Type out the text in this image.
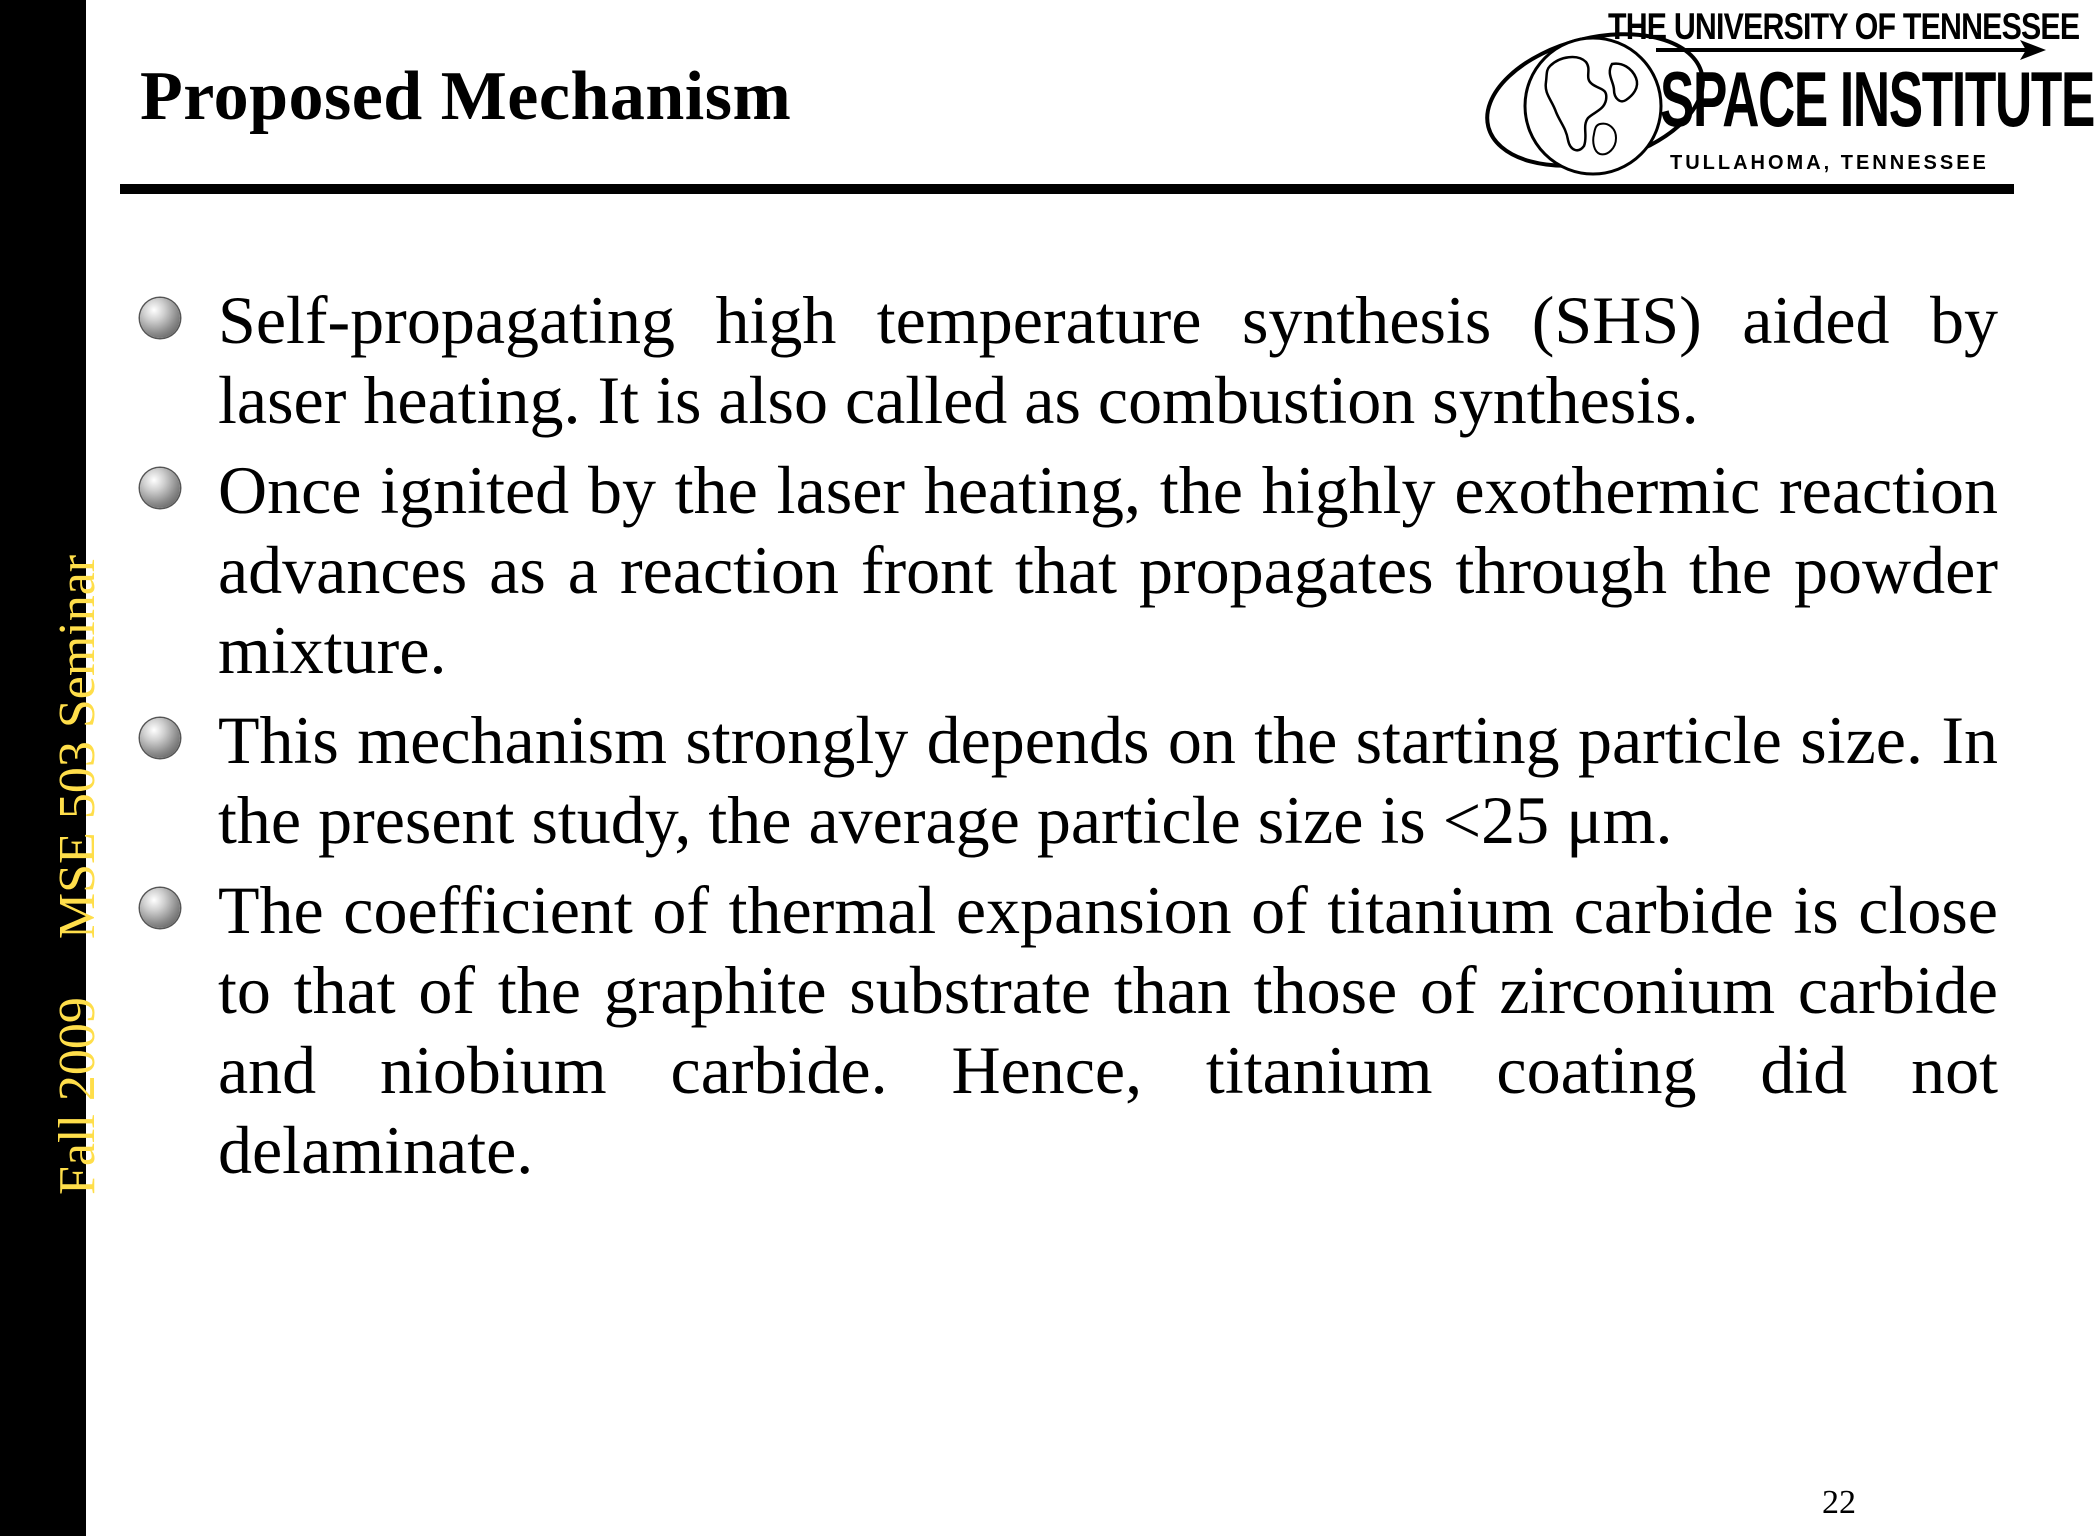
Fall 2009MSE 503 Seminar
Proposed Mechanism
THE UNIVERSITY OF TENNESSEE
SPACE INSTITUTE
TULLAHOMA, TENNESSEE
Self-propagating high temperature synthesis (SHS) aided by laser heating. It is also called as combustion synthesis.
Once ignited by the laser heating, the highly exothermic reaction advances as a reaction front that propagates through the powder mixture.
This mechanism strongly depends on the starting particle size. In the present study, the average particle size is <25 μm.
The coefficient of thermal expansion of titanium carbide is close to that of the graphite substrate than those of zirconium carbide and niobium carbide. Hence, titanium coating did not delaminate.
22
